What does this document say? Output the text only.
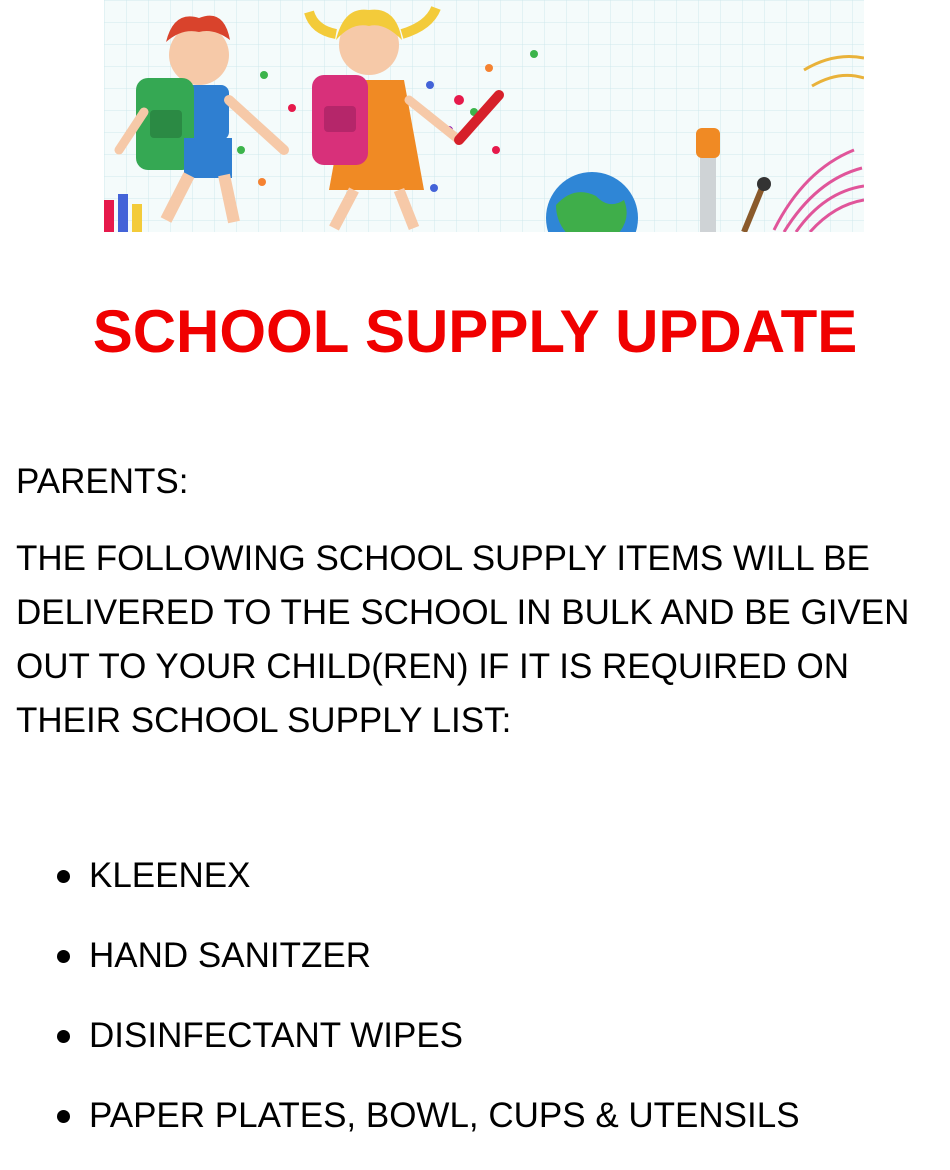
SCHOOL SUPPLY UPDATE

PARENTS:

THE FOLLOWING SCHOOL SUPPLY ITEMS WILL BE
DELIVERED TO THE SCHOOL IN BULK AND BE GIVEN
OUT TO YOUR CHILD(REN) IF IT IS REQUIRED ON
THEIR SCHOOL SUPPLY LIST:

KLEENEX
HAND SANITZER
DISINFECTANT WIPES
PAPER PLATES, BOWL, CUPS & UTENSILS
